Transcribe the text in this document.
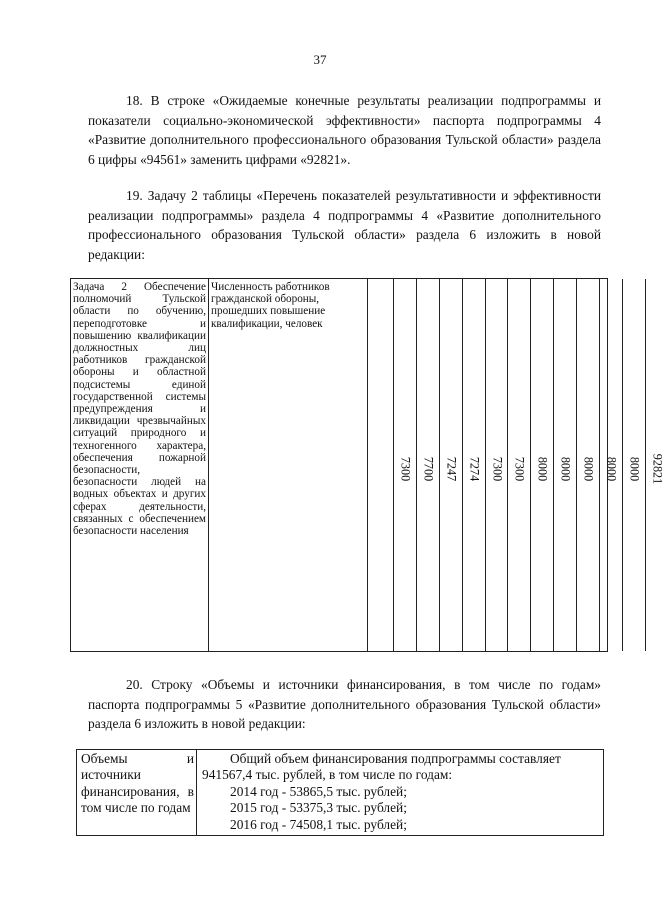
37

18. В строке «Ожидаемые конечные результаты реализации подпрограммы и показатели социально-экономической эффективности» паспорта подпрограммы 4 «Развитие дополнительного профессионального образования Тульской области» раздела 6 цифры «94561» заменить цифрами «92821».

19. Задачу 2 таблицы «Перечень показателей результативности и эффективности реализации подпрограммы» раздела 4 подпрограммы 4 «Развитие дополнительного профессионального образования Тульской области» раздела 6 изложить в новой редакции:

Задача 2 Обеспечение полномочий Тульской области по обучению, переподготовке и повышению квалификации должностных лиц работников гражданской обороны и областной подсистемы единой государственной системы предупреждения и ликвидации чрезвычайных ситуаций природного и техногенного характера, обеспечения пожарной безопасности, безопасности людей на водных объектах и других сферах деятельности, связанных с обеспечением безопасности населения
Численность работников гражданской обороны, прошедших повышение квалификации, человек
7300 7700 7247 7274 7300 7300 8000 8000 8000 8000 8000 92821

20. Строку «Объемы и источники финансирования, в том числе по годам» паспорта подпрограммы 5 «Развитие дополнительного образования Тульской области» раздела 6 изложить в новой редакции:

Объемы и источники финансирования, в том числе по годам
Общий объем финансирования подпрограммы составляет
941567,4 тыс. рублей, в том числе по годам:
2014 год - 53865,5 тыс. рублей;
2015 год - 53375,3 тыс. рублей;
2016 год - 74508,1 тыс. рублей;
